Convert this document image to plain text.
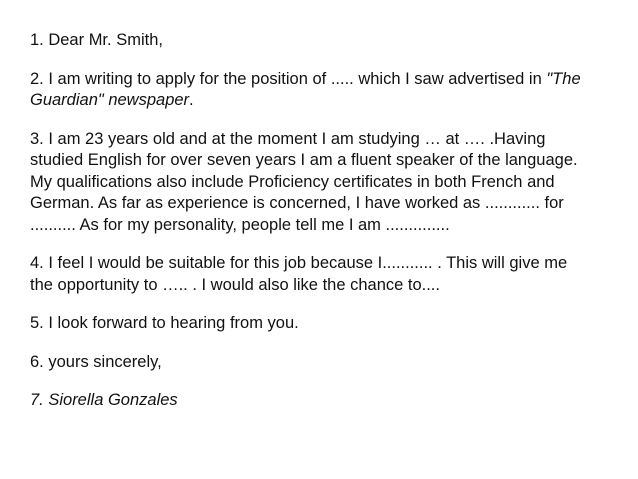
1. Dear Mr. Smith,
2. I am writing to apply for the position of ..... which I saw advertised in "The
Guardian" newspaper.
3. I am 23 years old and at the moment I am studying … at …. .Having
studied English for over seven years I am a fluent speaker of the language.
My qualifications also include Proficiency certificates in both French and
German. As far as experience is concerned, I have worked as ............ for
.......... As for my personality, people tell me I am ..............
4. I feel I would be suitable for this job because I........... . This will give me
the opportunity to ….. . I would also like the chance to....
5. I look forward to hearing from you.
6. yours sincerely,
7. Siorella Gonzales
